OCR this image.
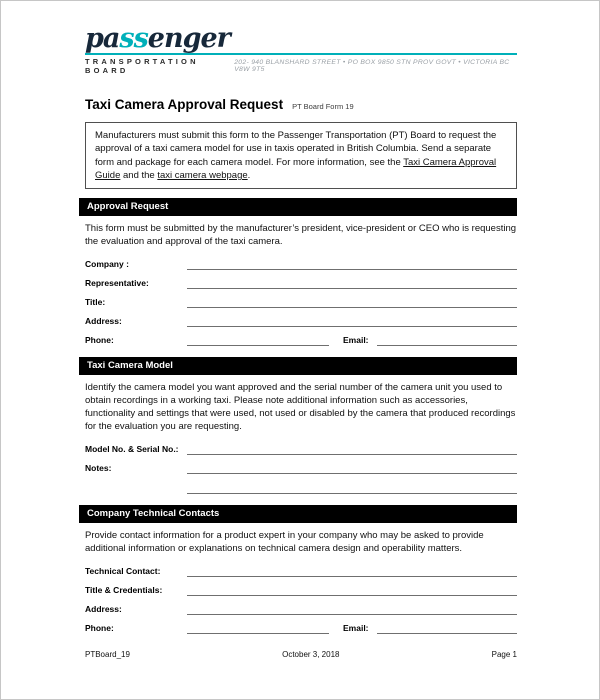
passenger
TRANSPORTATION BOARD
202- 940 BLANSHARD STREET • PO BOX 9850 STN PROV GOVT • VICTORIA BC V8W 9T5
Taxi Camera Approval Request PT Board Form 19
Manufacturers must submit this form to the Passenger Transportation (PT) Board to request the approval of a taxi camera model for use in taxis operated in British Columbia. Send a separate form and package for each camera model. For more information, see the Taxi Camera Approval Guide and the taxi camera webpage.
Approval Request
This form must be submitted by the manufacturer’s president, vice-president or CEO who is requesting the evaluation and approval of the taxi camera.
Company :
Representative:
Title:
Address:
Phone:	Email:
Taxi Camera Model
Identify the camera model you want approved and the serial number of the camera unit you used to obtain recordings in a working taxi. Please note additional information such as accessories, functionality and settings that were used, not used or disabled by the camera that produced recordings for the evaluation you are requesting.
Model No. & Serial No.:
Notes:
Company Technical Contacts
Provide contact information for a product expert in your company who may be asked to provide additional information or explanations on technical camera design and operability matters.
Technical Contact:
Title & Credentials:
Address:
Phone:	Email:
PTBoard_19	October 3, 2018	Page 1
